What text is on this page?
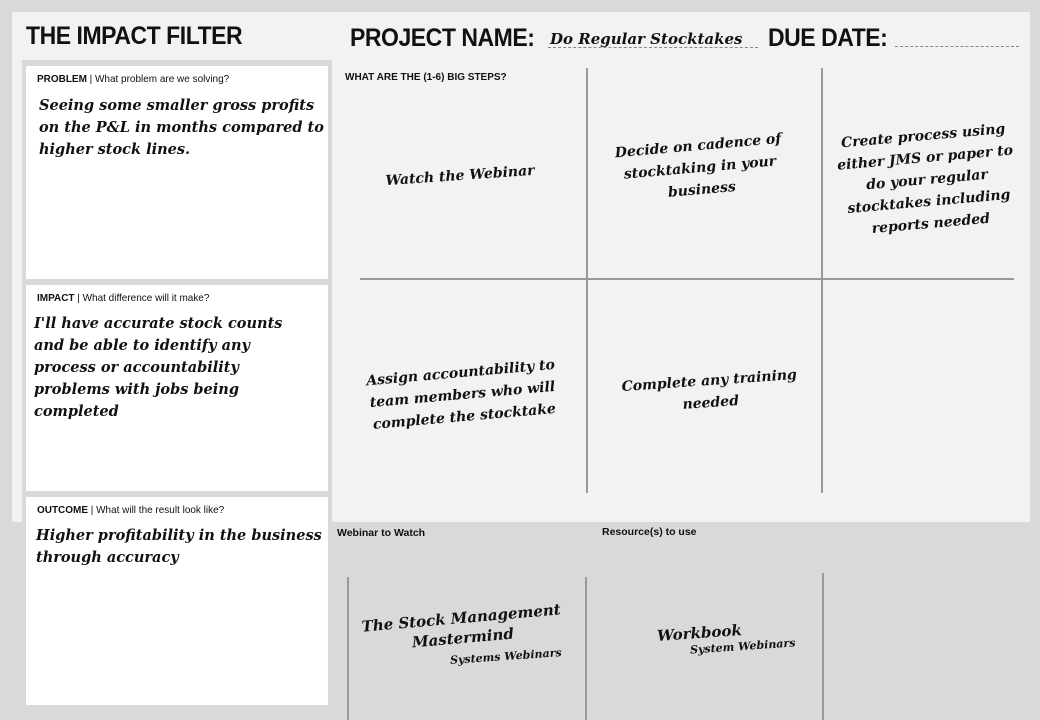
THE IMPACT FILTER	PROJECT NAME: Do Regular Stocktakes DUE DATE:
PROBLEM | What problem are we solving?
Seeing some smaller gross profits on the P&L in months compared to higher stock lines.
IMPACT | What difference will it make?
I'll have accurate stock counts and be able to identify any process or accountability problems with jobs being completed
OUTCOME | What will the result look like?
Higher profitability in the business through accuracy
WHAT ARE THE (1-6) BIG STEPS?
Watch the Webinar
Decide on cadence of stocktaking in your business
Create process using either JMS or paper to do your regular stocktakes including reports needed
Assign accountability to team members who will complete the stocktake
Complete any training needed
Webinar to Watch	Resource(s) to use
The Stock Management Mastermind
Systems Webinars
Workbook
System Webinars
